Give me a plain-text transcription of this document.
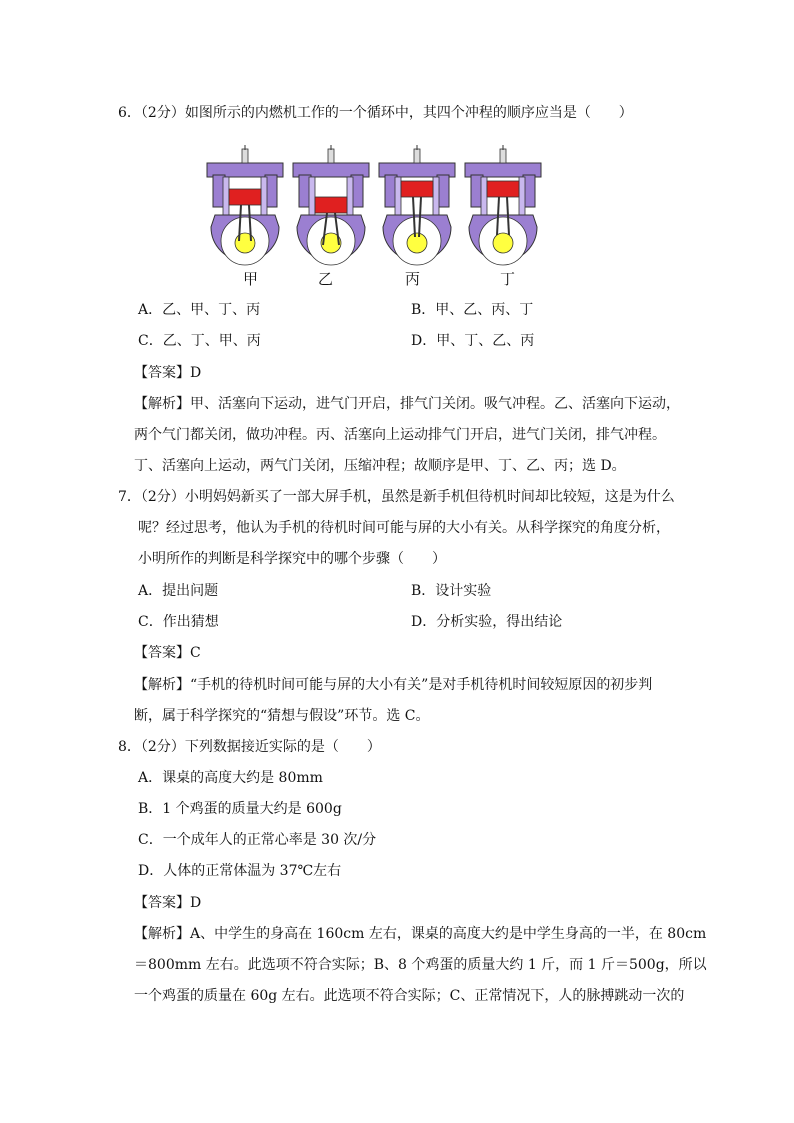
6．（2分）如图所示的内燃机工作的一个循环中，其四个冲程的顺序应当是（　　）
甲	乙	丙	丁
A．乙、甲、丁、丙	B．甲、乙、丙、丁
C．乙、丁、甲、丙	D．甲、丁、乙、丙
【答案】D
【解析】甲、活塞向下运动，进气门开启，排气门关闭。吸气冲程。乙、活塞向下运动，
两个气门都关闭，做功冲程。丙、活塞向上运动排气门开启，进气门关闭，排气冲程。
丁、活塞向上运动，两气门关闭，压缩冲程；故顺序是甲、丁、乙、丙；选 D。
7．（2分）小明妈妈新买了一部大屏手机，虽然是新手机但待机时间却比较短，这是为什么
呢？经过思考，他认为手机的待机时间可能与屏的大小有关。从科学探究的角度分析，
小明所作的判断是科学探究中的哪个步骤（　　）
A．提出问题	B．设计实验
C．作出猜想	D．分析实验，得出结论
【答案】C
【解析】“手机的待机时间可能与屏的大小有关”是对手机待机时间较短原因的初步判
断，属于科学探究的“猜想与假设”环节。选 C。
8．（2分）下列数据接近实际的是（　　）
A．课桌的高度大约是 80mm
B．1 个鸡蛋的质量大约是 600g
C．一个成年人的正常心率是 30 次/分
D．人体的正常体温为 37℃左右
【答案】D
【解析】A、中学生的身高在 160cm 左右，课桌的高度大约是中学生身高的一半，在 80cm
＝800mm 左右。此选项不符合实际；B、8 个鸡蛋的质量大约 1 斤，而 1 斤＝500g，所以
一个鸡蛋的质量在 60g 左右。此选项不符合实际；C、正常情况下，人的脉搏跳动一次的
